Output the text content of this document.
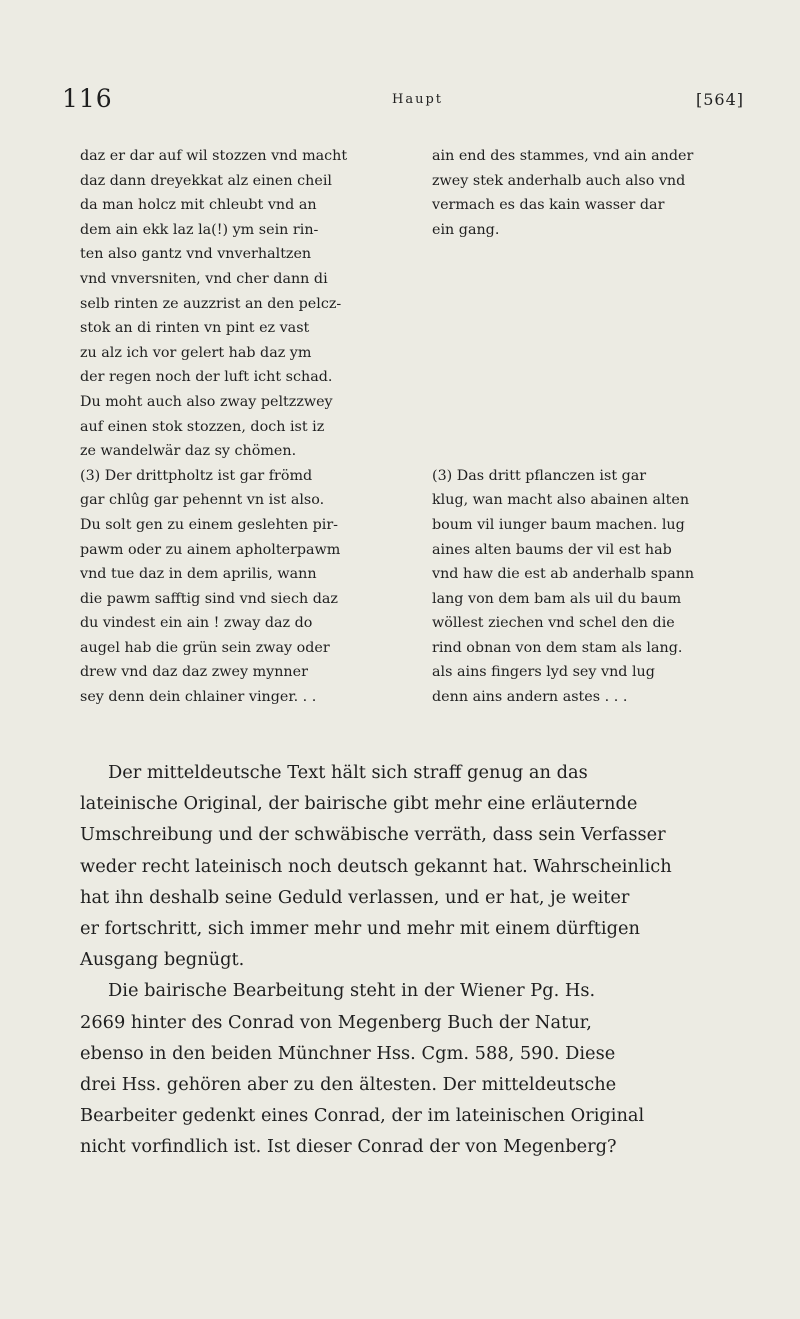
116	Haupt	[564]
daz er dar auf wil stozzen vnd macht
daz dann dreyekkat alz einen cheil
da man holcz mit chleubt vnd an
dem ain ekk laz la(!) ym sein rin-
ten also gantz vnd vnverhaltzen
vnd vnversniten, vnd cher dann di
selb rinten ze auzzrist an den pelcz-
stok an di rinten vn pint ez vast
zu alz ich vor gelert hab daz ym
der regen noch der luft icht schad.
Du moht auch also zway peltzzwey
auf einen stok stozzen, doch ist iz
ze wandelwär daz sy chömen.
(3) Der drittpholtz ist gar frömd
gar chlûg gar pehennt vn ist also.
Du solt gen zu einem geslehten pir-
pawm oder zu ainem apholterpawm
vnd tue daz in dem aprilis, wann
die pawm safftig sind vnd siech daz
du vindest ein ain ! zway daz do
augel hab die grün sein zway oder
drew vnd daz daz zwey mynner
sey denn dein chlainer vinger. . .
ain end des stammes, vnd ain ander
zwey stek anderhalb auch also vnd
vermach es das kain wasser dar
ein gang.
(3) Das dritt pflanczen ist gar
klug, wan macht also abainen alten
boum vil iunger baum machen. lug
aines alten baums der vil est hab
vnd haw die est ab anderhalb spann
lang von dem bam als uil du baum
wöllest ziechen vnd schel den die
rind obnan von dem stam als lang.
als ains fingers lyd sey vnd lug
denn ains andern astes . . .
Der mitteldeutsche Text hält sich straff genug an das
lateinische Original, der bairische gibt mehr eine erläuternde
Umschreibung und der schwäbische verräth, dass sein Verfasser
weder recht lateinisch noch deutsch gekannt hat. Wahrscheinlich
hat ihn deshalb seine Geduld verlassen, und er hat, je weiter
er fortschritt, sich immer mehr und mehr mit einem dürftigen
Ausgang begnügt.
Die bairische Bearbeitung steht in der Wiener Pg. Hs.
2669 hinter des Conrad von Megenberg Buch der Natur,
ebenso in den beiden Münchner Hss. Cgm. 588, 590. Diese
drei Hss. gehören aber zu den ältesten. Der mitteldeutsche
Bearbeiter gedenkt eines Conrad, der im lateinischen Original
nicht vorfindlich ist. Ist dieser Conrad der von Megenberg?
